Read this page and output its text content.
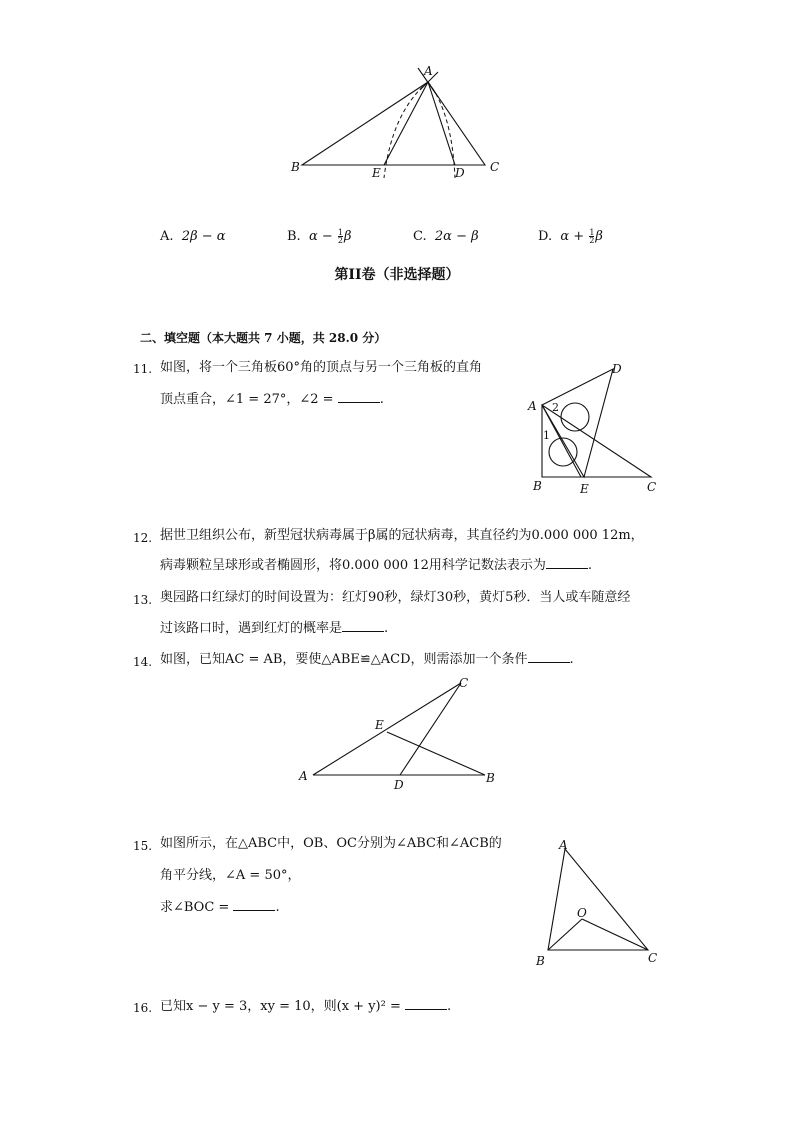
A
B	C
D
E
A. 2β − α	B. $\alpha - \frac{1}{2}$ β	C. 2α − β	D. $\alpha + \frac{1}{2}$ β
第II卷（非选择题）
二、填空题（本大题共 7 小题，共 28.0 分）
11. 如图，将一个三角板60°角的顶点与另一个三角板的直角
顶点重合，∠1 = 27°，∠2 =	.	A
B	C
D
E
1
2
12. 据世卫组织公布，新型冠状病毒属于β属的冠状病毒，其直径约为0.000 000 12m，
病毒颗粒呈球形或者椭圆形，将0.000 000 12用科学记数法表示为	.
13. 奥园路口红绿灯的时间设置为：红灯90秒，绿灯30秒，黄灯5秒．当人或车随意经
过该路口时，遇到红灯的概率是	.
14. 如图，已知AC = AB，要使△ABE≌△ACD，则需添加一个条件	.
A	B
C
D
E
15. 如图所示，在△ABC中，OB、OC分别为∠ABC和∠ACB的
角平分线，∠A = 50°，
求∠BOC =	.
A
B	C
O
16. 已知x − y = 3，xy = 10，则(x + y)² =	.
